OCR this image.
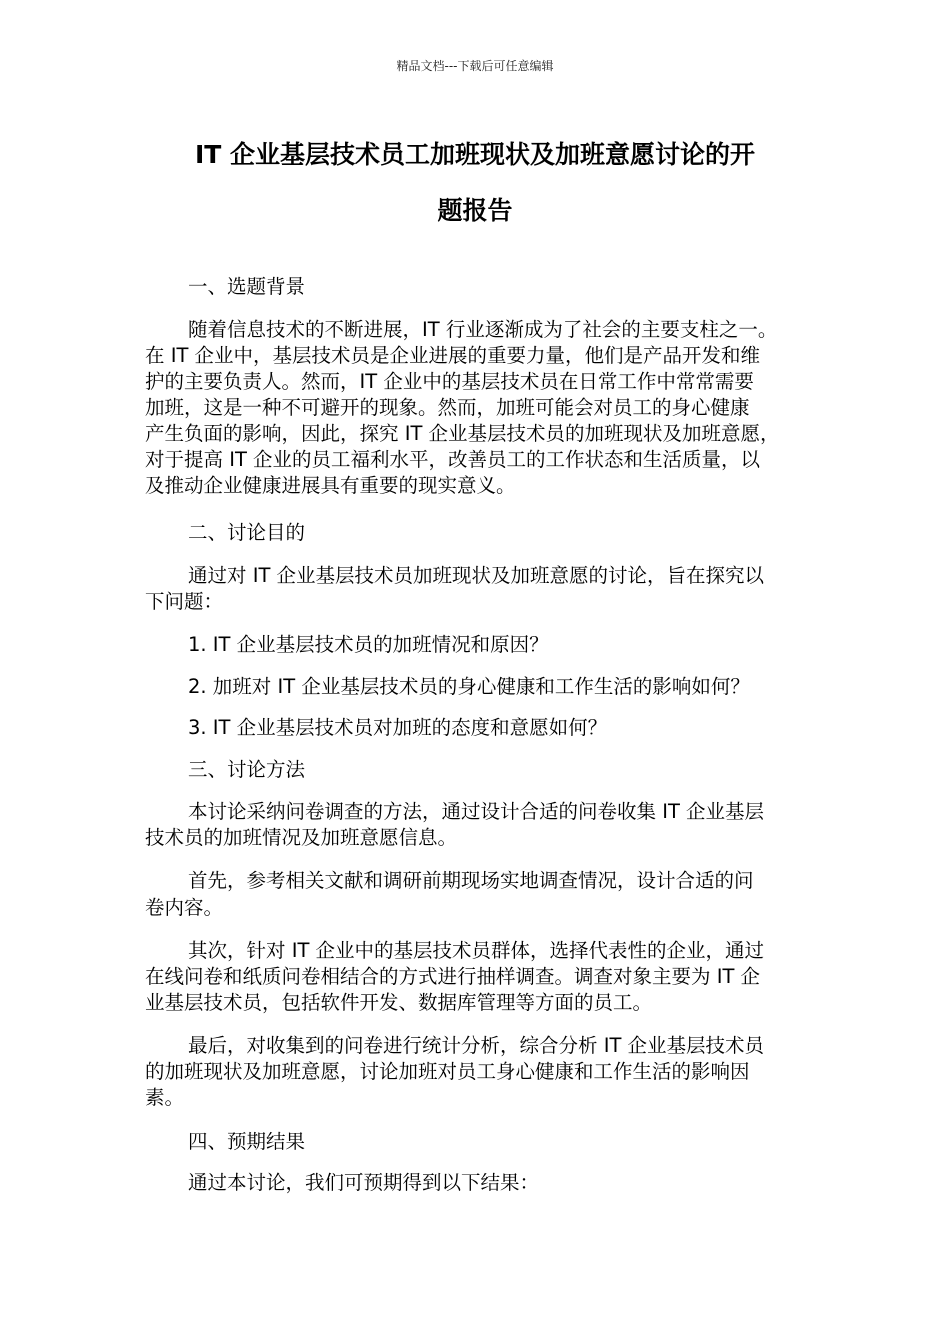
精品文档---下载后可任意编辑
IT 企业基层技术员工加班现状及加班意愿讨论的开
题报告
一、选题背景
随着信息技术的不断进展，IT 行业逐渐成为了社会的主要支柱之一。
在 IT 企业中，基层技术员是企业进展的重要力量，他们是产品开发和维
护的主要负责人。然而，IT 企业中的基层技术员在日常工作中常常需要
加班，这是一种不可避开的现象。然而，加班可能会对员工的身心健康
产生负面的影响，因此，探究 IT 企业基层技术员的加班现状及加班意愿，
对于提高 IT 企业的员工福利水平，改善员工的工作状态和生活质量，以
及推动企业健康进展具有重要的现实意义。
二、讨论目的
通过对 IT 企业基层技术员加班现状及加班意愿的讨论，旨在探究以
下问题：
1. IT 企业基层技术员的加班情况和原因？
2. 加班对 IT 企业基层技术员的身心健康和工作生活的影响如何？
3. IT 企业基层技术员对加班的态度和意愿如何？
三、讨论方法
本讨论采纳问卷调查的方法，通过设计合适的问卷收集 IT 企业基层
技术员的加班情况及加班意愿信息。
首先，参考相关文献和调研前期现场实地调查情况，设计合适的问
卷内容。
其次，针对 IT 企业中的基层技术员群体，选择代表性的企业，通过
在线问卷和纸质问卷相结合的方式进行抽样调查。调查对象主要为 IT 企
业基层技术员，包括软件开发、数据库管理等方面的员工。
最后，对收集到的问卷进行统计分析，综合分析 IT 企业基层技术员
的加班现状及加班意愿，讨论加班对员工身心健康和工作生活的影响因
素。
四、预期结果
通过本讨论，我们可预期得到以下结果：
